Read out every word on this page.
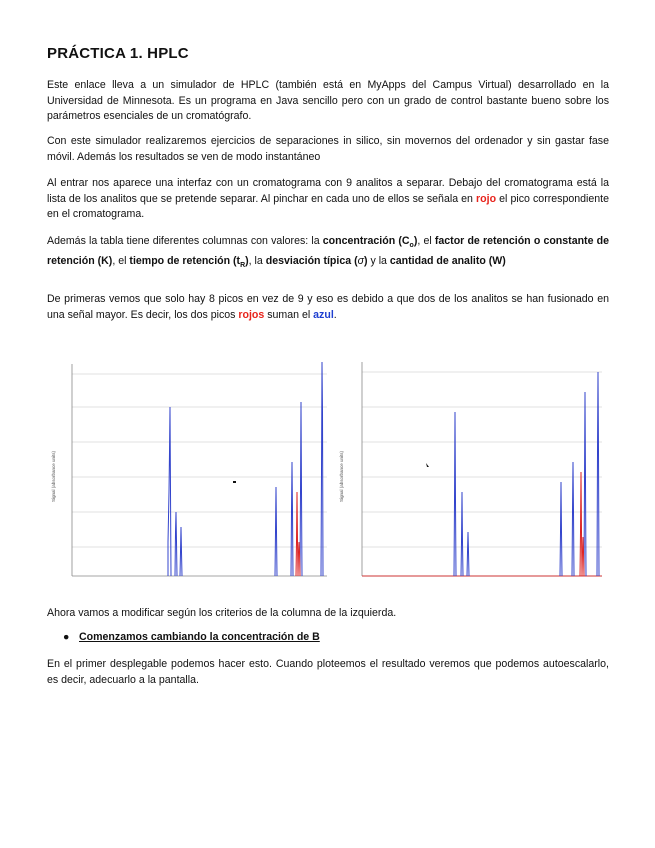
PRÁCTICA 1. HPLC

Este enlace lleva a un simulador de HPLC (también está en MyApps del Campus Virtual) desarrollado en la Universidad de Minnesota. Es un programa en Java sencillo pero con un grado de control bastante bueno sobre los parámetros esenciales de un cromatógrafo.

Con este simulador realizaremos ejercicios de separaciones in silico, sin movernos del ordenador y sin gastar fase móvil. Además los resultados se ven de modo instantáneo

Al entrar nos aparece una interfaz con un cromatograma con 9 analitos a separar. Debajo del cromatograma está la lista de los analitos que se pretende separar. Al pinchar en cada uno de ellos se señala en rojo el pico correspondiente en el cromatograma.

Además la tabla tiene diferentes columnas con valores: la concentración $(C_o)$, el factor de retención o constante de retención (K), el tiempo de retención $(t_R)$, la desviación típica (σ) y la cantidad de analito (W)

De primeras vemos que solo hay 8 picos en vez de 9 y eso es debido a que dos de los analitos se han fusionado en una señal mayor. Es decir, los dos picos rojos suman el azul.

Signal (absorbance units)	Signal (absorbance units)

Ahora vamos a modificar según los criterios de la columna de la izquierda.

● Comenzamos cambiando la concentración de B

En el primer desplegable podemos hacer esto. Cuando ploteemos el resultado veremos que podemos autoescalarlo, es decir, adecuarlo a la pantalla.
